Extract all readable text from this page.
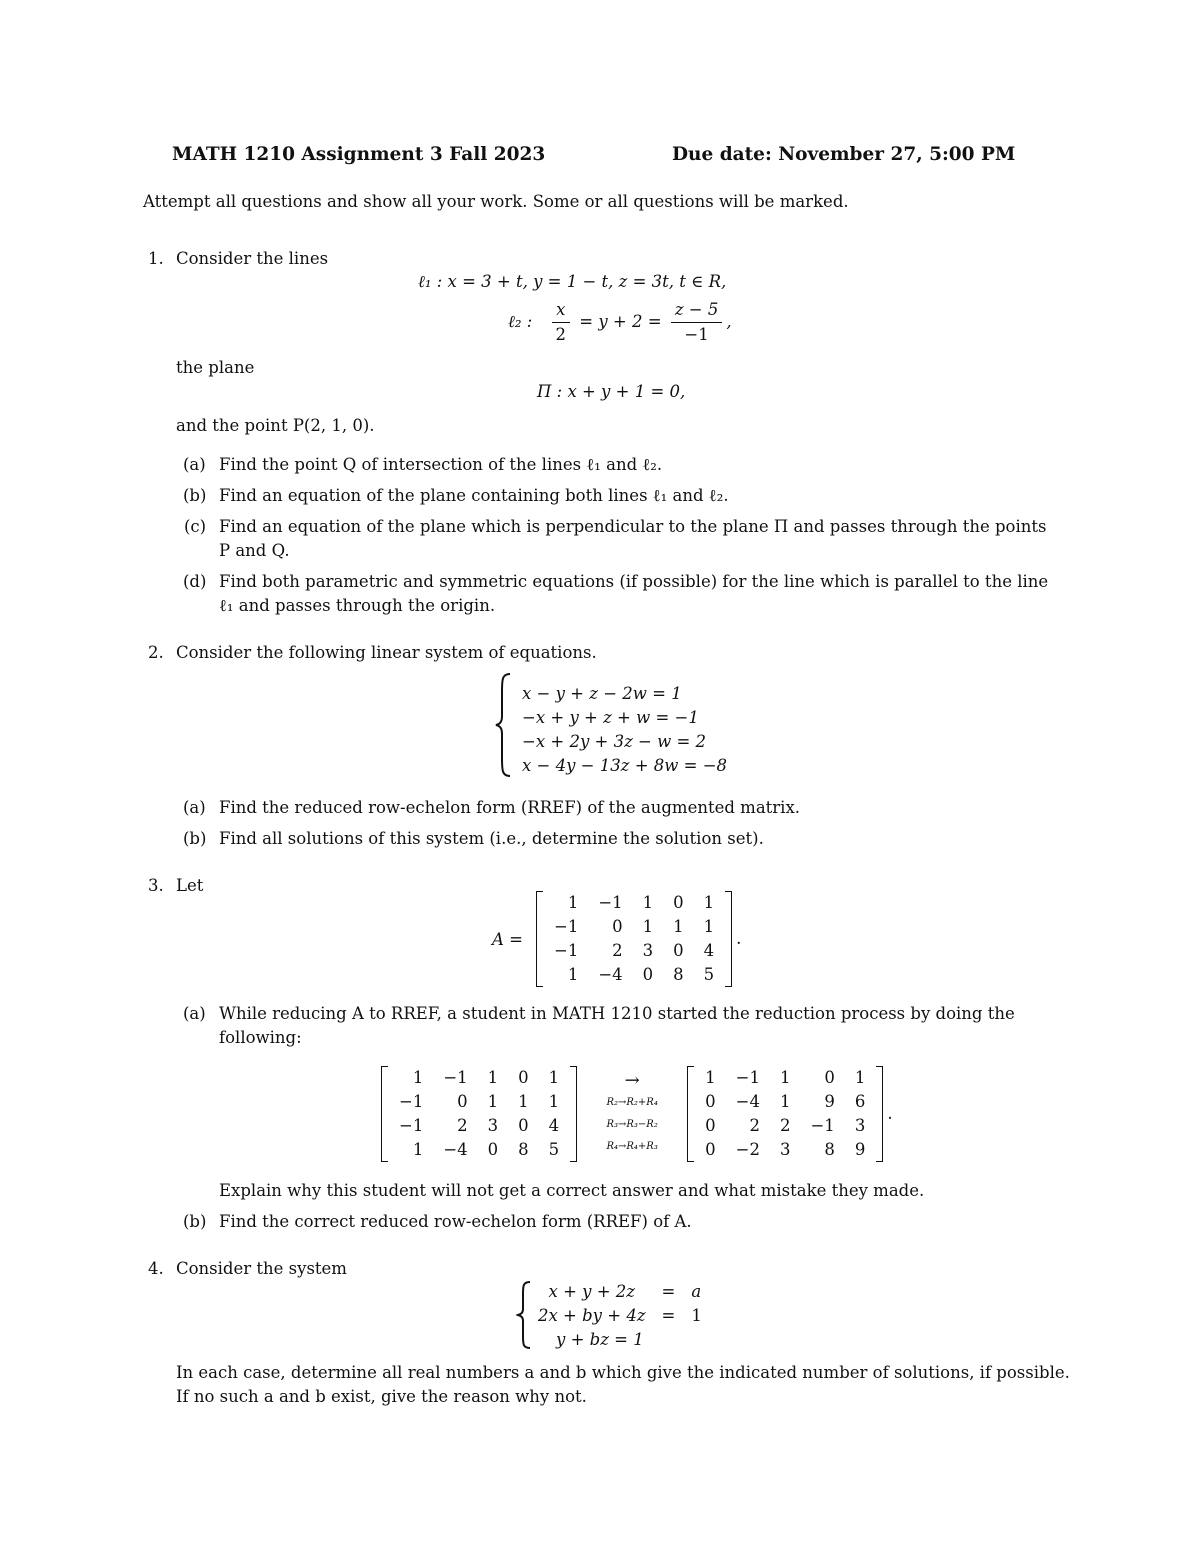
MATH 1210 Assignment 3 Fall 2023	Due date: November 27, 5:00 PM
Attempt all questions and show all your work. Some or all questions will be marked.
1. Consider the lines
ℓ₁ : x = 3 + t, y = 1 − t, z = 3t, t ∈ R,
ℓ₂ : $\frac{x}{2} = y + 2 = \frac{z - 5}{-1}$ ,
the plane
Π : x + y + 1 = 0,
and the point P(2, 1, 0).
(a) Find the point Q of intersection of the lines ℓ₁ and ℓ₂.
(b) Find an equation of the plane containing both lines ℓ₁ and ℓ₂.
(c) Find an equation of the plane which is perpendicular to the plane Π and passes through the points
P and Q.
(d) Find both parametric and symmetric equations (if possible) for the line which is parallel to the line
ℓ₁ and passes through the origin.
2. Consider the following linear system of equations.
x − y + z − 2w = 1
−x + y + z + w = −1
−x + 2y + 3z − w = 2
x − 4y − 13z + 8w = −8
(a) Find the reduced row-echelon form (RREF) of the augmented matrix.
(b) Find all solutions of this system (i.e., determine the solution set).
3. Let
A =
1	−1	1	0	1
−1	0	1	1	1
−1	2	3	0	4
1	−4	0	8	5
.
(a) While reducing A to RREF, a student in MATH 1210 started the reduction process by doing the
following:
1	−1	1	0	1
−1	0	1	1	1
−1	2	3	0	4
1	−4	0	8	5
→
R₂→R₂+R₄
R₃→R₃−R₂
R₄→R₄+R₃
1	−1	1	0	1
0	−4	1	9	6
0	2	2	−1	3
0	−2	3	8	9
.
Explain why this student will not get a correct answer and what mistake they made.
(b) Find the correct reduced row-echelon form (RREF) of A.
4. Consider the system
x + y + 2z	=	a
2x + by + 4z	=	1
y + bz = 1		
In each case, determine all real numbers a and b which give the indicated number of solutions, if possible.
If no such a and b exist, give the reason why not.
